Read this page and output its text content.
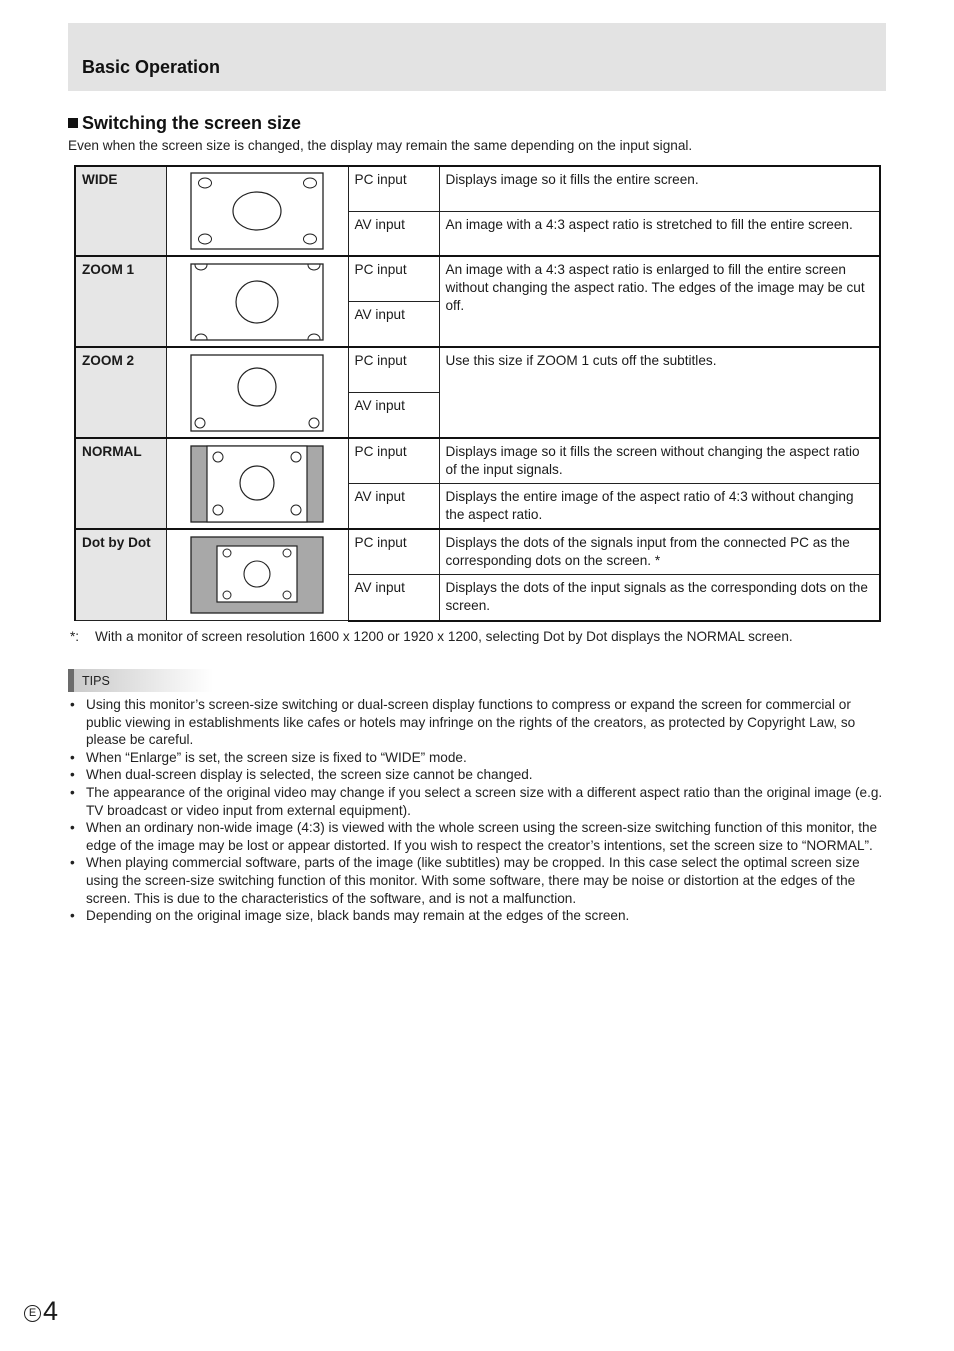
Basic Operation
Switching the screen size
Even when the screen size is changed, the display may remain the same depending on the input signal.
WIDE		PC input	Displays image so it fills the entire screen.
		AV input	An image with a 4:3 aspect ratio is stretched to fill the entire screen.
ZOOM 1		PC input	An image with a 4:3 aspect ratio is enlarged to fill the entire screen without changing the aspect ratio. The edges of the image may be cut off.
		AV input	
ZOOM 2		PC input	Use this size if ZOOM 1 cuts off the subtitles.
		AV input	
NORMAL		PC input	Displays image so it fills the screen without changing the aspect ratio of the input signals.
		AV input	Displays the entire image of the aspect ratio of 4:3 without changing the aspect ratio.
Dot by Dot		PC input	Displays the dots of the signals input from the connected PC as the corresponding dots on the screen. *
		AV input	Displays the dots of the input signals as the corresponding dots on the screen.
*: With a monitor of screen resolution 1600 x 1200 or 1920 x 1200, selecting Dot by Dot displays the NORMAL screen.
TIPS
• Using this monitor’s screen-size switching or dual-screen display functions to compress or expand the screen for commercial or public viewing in establishments like cafes or hotels may infringe on the rights of the creators, as protected by Copyright Law, so please be careful.
• When “Enlarge” is set, the screen size is fixed to “WIDE” mode.
• When dual-screen display is selected, the screen size cannot be changed.
• The appearance of the original video may change if you select a screen size with a different aspect ratio than the original image (e.g. TV broadcast or video input from external equipment).
• When an ordinary non-wide image (4:3) is viewed with the whole screen using the screen-size switching function of this monitor, the edge of the image may be lost or appear distorted. If you wish to respect the creator’s intentions, set the screen size to “NORMAL”.
• When playing commercial software, parts of the image (like subtitles) may be cropped. In this case select the optimal screen size using the screen-size switching function of this monitor. With some software, there may be noise or distortion at the edges of the screen. This is due to the characteristics of the software, and is not a malfunction.
• Depending on the original image size, black bands may remain at the edges of the screen.
E 4
